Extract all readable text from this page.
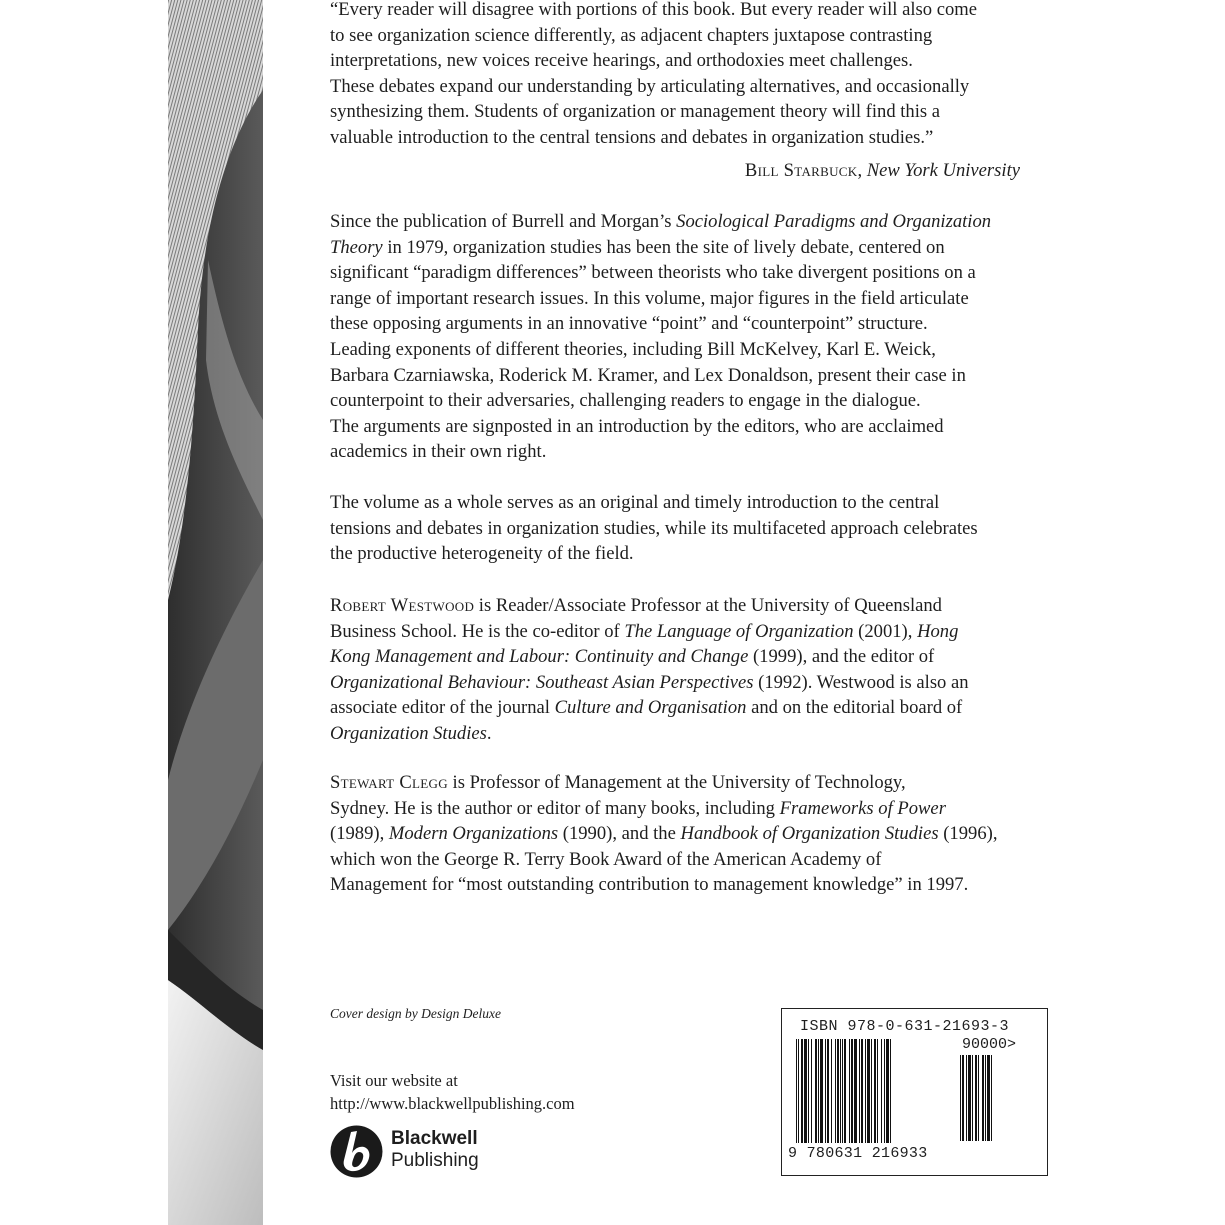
“Every reader will disagree with portions of this book. But every reader will also come
to see organization science differently, as adjacent chapters juxtapose contrasting
interpretations, new voices receive hearings, and orthodoxies meet challenges.
These debates expand our understanding by articulating alternatives, and occasionally
synthesizing them. Students of organization or management theory will find this a
valuable introduction to the central tensions and debates in organization studies.”

Bill Starbuck, New York University

Since the publication of Burrell and Morgan’s Sociological Paradigms and Organization
Theory in 1979, organization studies has been the site of lively debate, centered on
significant “paradigm differences” between theorists who take divergent positions on a
range of important research issues. In this volume, major figures in the field articulate
these opposing arguments in an innovative “point” and “counterpoint” structure.
Leading exponents of different theories, including Bill McKelvey, Karl E. Weick,
Barbara Czarniawska, Roderick M. Kramer, and Lex Donaldson, present their case in
counterpoint to their adversaries, challenging readers to engage in the dialogue.
The arguments are signposted in an introduction by the editors, who are acclaimed
academics in their own right.

The volume as a whole serves as an original and timely introduction to the central
tensions and debates in organization studies, while its multifaceted approach celebrates
the productive heterogeneity of the field.

Robert Westwood is Reader/Associate Professor at the University of Queensland
Business School. He is the co-editor of The Language of Organization (2001), Hong
Kong Management and Labour: Continuity and Change (1999), and the editor of
Organizational Behaviour: Southeast Asian Perspectives (1992). Westwood is also an
associate editor of the journal Culture and Organisation and on the editorial board of
Organization Studies.

Stewart Clegg is Professor of Management at the University of Technology,
Sydney. He is the author or editor of many books, including Frameworks of Power
(1989), Modern Organizations (1990), and the Handbook of Organization Studies (1996),
which won the George R. Terry Book Award of the American Academy of
Management for “most outstanding contribution to management knowledge” in 1997.

Cover design by Design Deluxe
Visit our website at
http://www.blackwellpublishing.com
Blackwell
Publishing
ISBN 978-0-631-21693-3
90000>
9 780631 216933
